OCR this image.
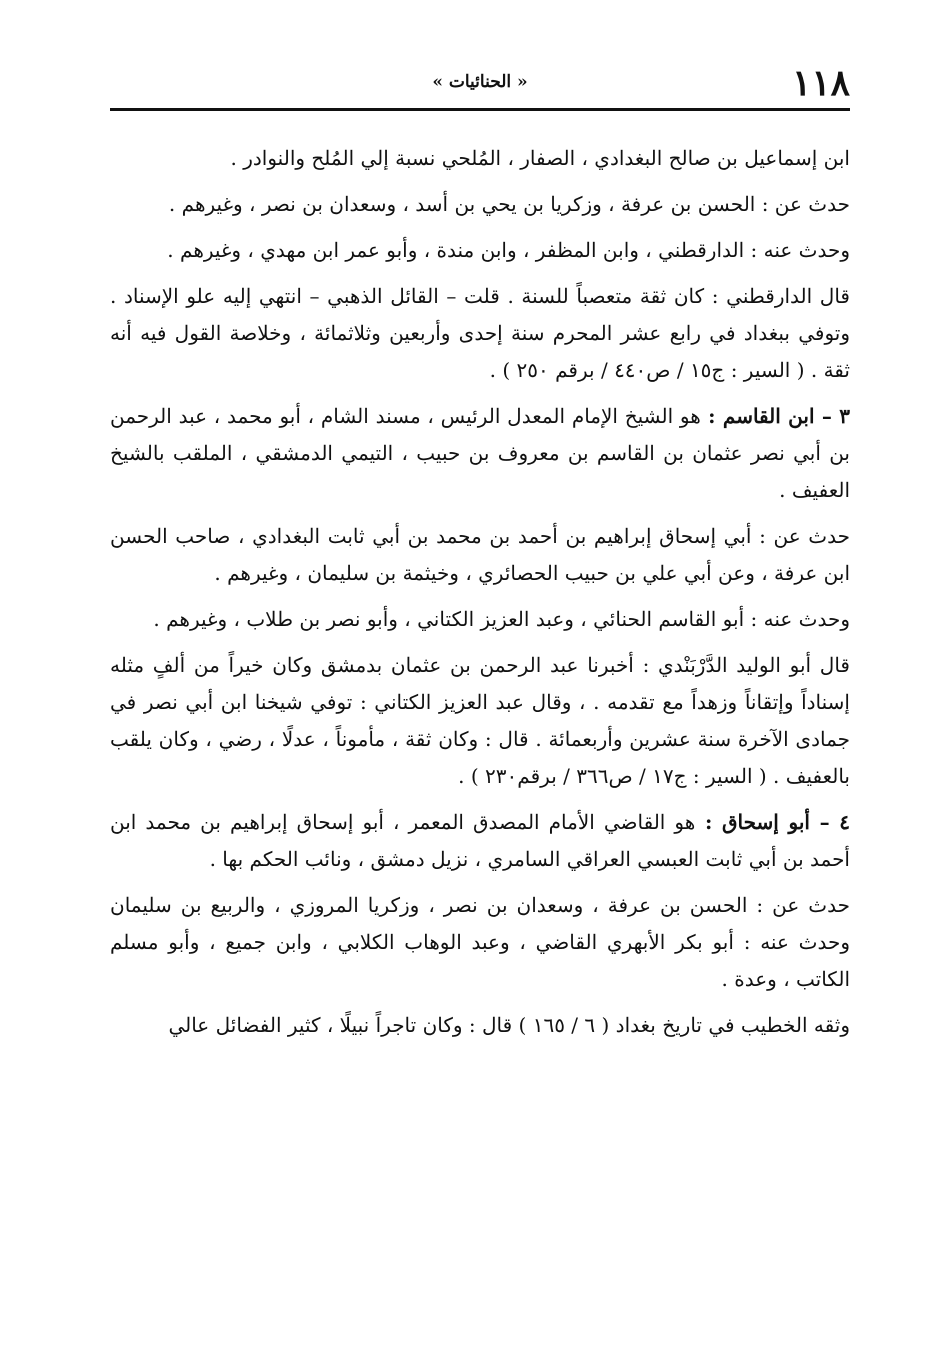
١١٨
« الحنائيات »

ابن إسماعيل بن صالح البغدادي ، الصفار ، المُلحي نسبة إلي المُلح والنوادر .

حدث عن : الحسن بن عرفة ، وزكريا بن يحي بن أسد ، وسعدان بن نصر ، وغيرهم .

وحدث عنه : الدارقطني ، وابن المظفر ، وابن مندة ، وأبو عمر ابن مهدي ، وغيرهم .

قال الدارقطني : كان ثقة متعصباً للسنة . قلت – القائل الذهبي – انتهي إليه علو الإسناد . وتوفي ببغداد في رابع عشر المحرم سنة إحدى وأربعين وثلاثمائة ، وخلاصة القول فيه أنه ثقة . ( السير : ج١٥ / ص٤٤٠ / برقم ٢٥٠ ) .

٣ – ابن القاسم : هو الشيخ الإمام المعدل الرئيس ، مسند الشام ، أبو محمد ، عبد الرحمن بن أبي نصر عثمان بن القاسم بن معروف بن حبيب ، التيمي الدمشقي ، الملقب بالشيخ العفيف .

حدث عن : أبي إسحاق إبراهيم بن أحمد بن محمد بن أبي ثابت البغدادي ، صاحب الحسن ابن عرفة ، وعن أبي علي بن حبيب الحصائري ، وخيثمة بن سليمان ، وغيرهم .

وحدث عنه : أبو القاسم الحنائي ، وعبد العزيز الكتاني ، وأبو نصر بن طلاب ، وغيرهم .

قال أبو الوليد الدَّرْبَنْدي : أخبرنا عبد الرحمن بن عثمان بدمشق وكان خيراً من ألفٍ مثله إسناداً وإتقاناً وزهداً مع تقدمه . ، وقال عبد العزيز الكتاني : توفي شيخنا ابن أبي نصر في جمادى الآخرة سنة عشرين وأربعمائة . قال : وكان ثقة ، مأموناً ، عدلًا ، رضي ، وكان يلقب بالعفيف . ( السير : ج١٧ / ص٣٦٦ / برقم٢٣٠ ) .

٤ – أبو إسحاق : هو القاضي الأمام المصدق المعمر ، أبو إسحاق إبراهيم بن محمد ابن أحمد بن أبي ثابت العبسي العراقي السامري ، نزيل دمشق ، ونائب الحكم بها .

حدث عن : الحسن بن عرفة ، وسعدان بن نصر ، وزكريا المروزي ، والربيع بن سليمان وحدث عنه : أبو بكر الأبهري القاضي ، وعبد الوهاب الكلابي ، وابن جميع ، وأبو مسلم الكاتب ، وعدة .

وثقه الخطيب في تاريخ بغداد ( ٦ / ١٦٥ ) قال : وكان تاجراً نبيلًا ، كثير الفضائل عالي
